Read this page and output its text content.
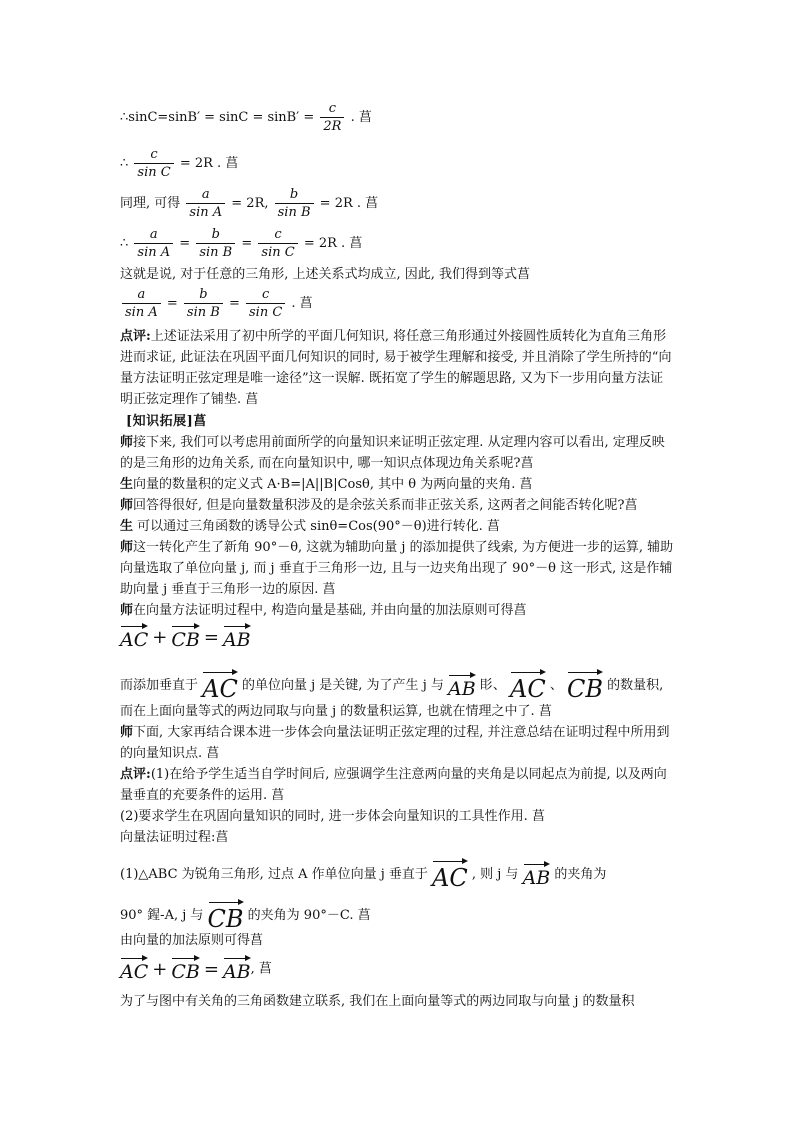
∴sinC=sinB′ = $\sin C = \sin B' = \frac{c}{2R}$ . 菖
∴ $\frac{c}{\text{sin C}} = 2R$ . 菖
同理, 可得 $\frac{a}{\text{sin A}} = 2R$, $\frac{b}{\text{sin B}} = 2R$ . 菖
∴ $\frac{a}{\text{sin A}} = \frac{b}{\text{sin B}} = \frac{c}{\text{sin C}} = 2R$ . 菖
这就是说, 对于任意的三角形, 上述关系式均成立, 因此, 我们得到等式菖
$\frac{a}{\text{sin A}} = \frac{b}{\text{sin B}} = \frac{c}{\text{sin C}}$ . 菖
点评:上述证法采用了初中所学的平面几何知识, 将任意三角形通过外接圆性质转化为直角三角形进而求证, 此证法在巩固平面几何知识的同时, 易于被学生理解和接受, 并且消除了学生所持的“向量方法证明正弦定理是唯一途径”这一误解. 既拓宽了学生的解题思路, 又为下一步用向量方法证明正弦定理作了铺垫. 菖
[知识拓展]菖
师接下来, 我们可以考虑用前面所学的向量知识来证明正弦定理. 从定理内容可以看出, 定理反映的是三角形的边角关系, 而在向量知识中, 哪一知识点体现边角关系呢?菖
生向量的数量积的定义式 A·B=|A||B|Cosθ, 其中 θ 为两向量的夹角. 菖
师回答得很好, 但是向量数量积涉及的是余弦关系而非正弦关系, 这两者之间能否转化呢?菖
生 可以通过三角函数的诱导公式 sinθ=Cos(90°－θ)进行转化. 菖
师这一转化产生了新角 90°－θ, 这就为辅助向量 j 的添加提供了线索, 为方便进一步的运算, 辅助向量选取了单位向量 j, 而 j 垂直于三角形一边, 且与一边夹角出现了 90°－θ 这一形式, 这是作辅助向量 j 垂直于三角形一边的原因. 菖
师在向量方法证明过程中, 构造向量是基础, 并由向量的加法原则可得菖
AC + CB = AB
而添加垂直于 AC 的单位向量 j 是关键, 为了产生 j 与 AB 䀐、 AC 、 CB 的数量积,
而在上面向量等式的两边同取与向量 j 的数量积运算, 也就在情理之中了. 菖
师下面, 大家再结合课本进一步体会向量法证明正弦定理的过程, 并注意总结在证明过程中所用到的向量知识点. 菖
点评:(1)在给予学生适当自学时间后, 应强调学生注意两向量的夹角是以同起点为前提, 以及两向量垂直的充要条件的运用. 菖
(2)要求学生在巩固向量知识的同时, 进一步体会向量知识的工具性作用. 菖
向量法证明过程:菖
(1)△ABC 为锐角三角形, 过点 A 作单位向量 j 垂直于 AC , 则 j 与 AB 的夹角为
90° 鍟-A, j 与 CB 的夹角为 90°－C. 菖
由向量的加法原则可得菖
AC + CB = AB, 菖
为了与图中有关角的三角函数建立联系, 我们在上面向量等式的两边同取与向量 j 的数量积
